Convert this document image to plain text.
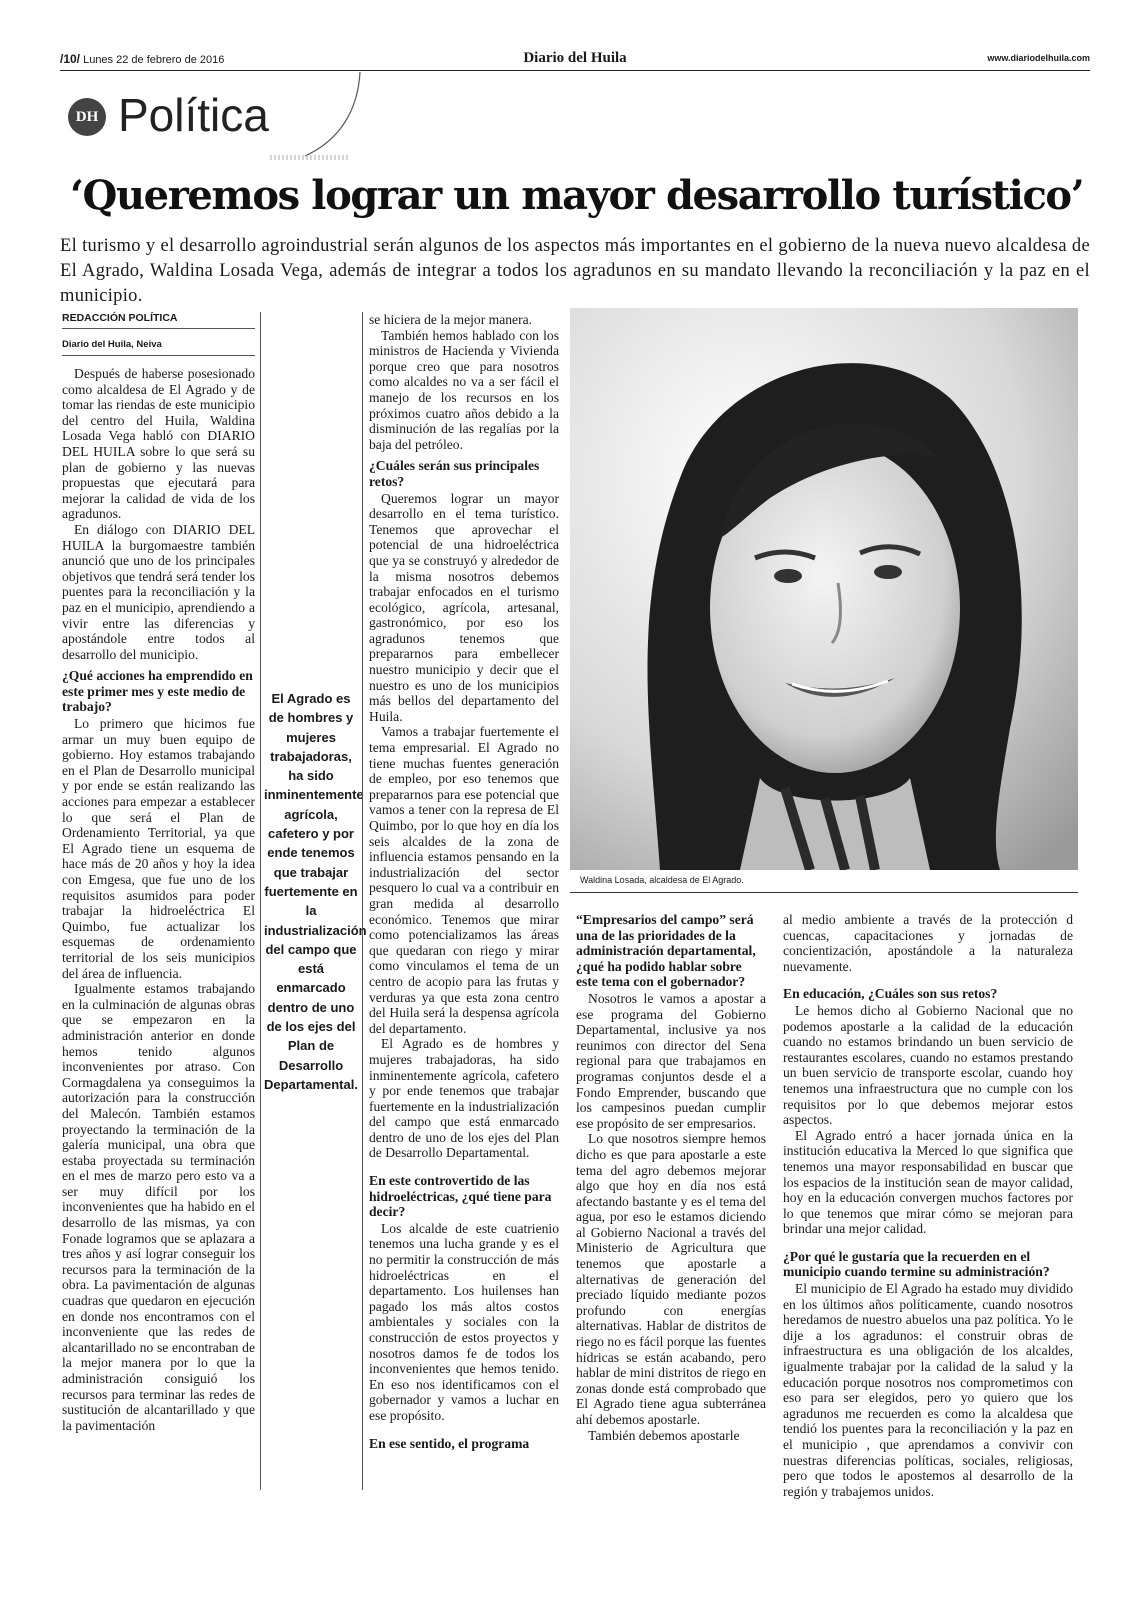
/10/ Lunes 22 de febrero de 2016	Diario del Huila	www.diariodelhuila.com
DH Política
‘Queremos lograr un mayor desarrollo turístico’
El turismo y el desarrollo agroindustrial serán algunos de los aspectos más importantes en el gobierno de la nueva nuevo alcaldesa de El Agrado, Waldina Losada Vega, además de integrar a todos los agradunos en su mandato llevando la reconciliación y la paz en el municipio.
REDACCIÓN POLÍTICA
Diario del Huila, Neiva

Después de haberse posesionado como alcaldesa de El Agrado y de tomar las riendas de este municipio del centro del Huila, Waldina Losada Vega habló con DIARIO DEL HUILA sobre lo que será su plan de gobierno y las nuevas propuestas que ejecutará para mejorar la calidad de vida de los agradunos.

En diálogo con DIARIO DEL HUILA la burgomaestre también anunció que uno de los principales objetivos que tendrá será tender los puentes para la reconciliación y la paz en el municipio, aprendiendo a vivir entre las diferencias y apostándole entre todos al desarrollo del municipio.

¿Qué acciones ha emprendido en este primer mes y este medio de trabajo?

Lo primero que hicimos fue armar un muy buen equipo de gobierno. Hoy estamos trabajando en el Plan de Desarrollo municipal y por ende se están realizando las acciones para empezar a establecer lo que será el Plan de Ordenamiento Territorial, ya que El Agrado tiene un esquema de hace más de 20 años y hoy la idea con Emgesa, que fue uno de los requisitos asumidos para poder trabajar la hidroeléctrica El Quimbo, fue actualizar los esquemas de ordenamiento territorial de los seis municipios del área de influencia.

Igualmente estamos trabajando en la culminación de algunas obras que se empezaron en la administración anterior en donde hemos tenido algunos inconvenientes por atraso. Con Cormagdalena ya conseguimos la autorización para la construcción del Malecón. También estamos proyectando la terminación de la galería municipal, una obra que estaba proyectada su terminación en el mes de marzo pero esto va a ser muy difícil por los inconvenientes que ha habido en el desarrollo de las mismas, ya con Fonade logramos que se aplazara a tres años y así lograr conseguir los recursos para la terminación de la obra. La pavimentación de algunas cuadras que quedaron en ejecución en donde nos encontramos con el inconveniente que las redes de alcantarillado no se encontraban de la mejor manera por lo que la administración consiguió los recursos para terminar las redes de sustitución de alcantarillado y que la pavimentación

El Agrado es de hombres y mujeres trabajadoras, ha sido inminentemente agrícola, cafetero y por ende tenemos que trabajar fuertemente en la industrialización del campo que está enmarcado dentro de uno de los ejes del Plan de Desarrollo Departamental.

se hiciera de la mejor manera.

También hemos hablado con los ministros de Hacienda y Vivienda porque creo que para nosotros como alcaldes no va a ser fácil el manejo de los recursos en los próximos cuatro años debido a la disminución de las regalías por la baja del petróleo.

¿Cuáles serán sus principales retos?

Queremos lograr un mayor desarrollo en el tema turístico. Tenemos que aprovechar el potencial de una hidroeléctrica que ya se construyó y alrededor de la misma nosotros debemos trabajar enfocados en el turismo ecológico, agrícola, artesanal, gastronómico, por eso los agradunos tenemos que prepararnos para embellecer nuestro municipio y decir que el nuestro es uno de los municipios más bellos del departamento del Huila.

Vamos a trabajar fuertemente el tema empresarial. El Agrado no tiene muchas fuentes generación de empleo, por eso tenemos que prepararnos para ese potencial que vamos a tener con la represa de El Quimbo, por lo que hoy en día los seis alcaldes de la zona de influencia estamos pensando en la industrialización del sector pesquero lo cual va a contribuir en gran medida al desarrollo económico. Tenemos que mirar como potencializamos las áreas que quedaran con riego y mirar como vinculamos el tema de un centro de acopio para las frutas y verduras ya que esta zona centro del Huila será la despensa agrícola del departamento.

El Agrado es de hombres y mujeres trabajadoras, ha sido inminentemente agrícola, cafetero y por ende tenemos que trabajar fuertemente en la industrialización del campo que está enmarcado dentro de uno de los ejes del Plan de Desarrollo Departamental.

En este controvertido de las hidroeléctricas, ¿qué tiene para decir?

Los alcalde de este cuatrienio tenemos una lucha grande y es el no permitir la construcción de más hidroeléctricas en el departamento. Los huilenses han pagado los más altos costos ambientales y sociales con la construcción de estos proyectos y nosotros damos fe de todos los inconvenientes que hemos tenido. En eso nos identificamos con el gobernador y vamos a luchar en ese propósito.

En ese sentido, el programa
Waldina Losada, alcaldesa de El Agrado.
“Empresarios del campo” será una de las prioridades de la administración departamental, ¿qué ha podido hablar sobre este tema con el gobernador?

Nosotros le vamos a apostar a ese programa del Gobierno Departamental, inclusive ya nos reunimos con director del Sena regional para que trabajamos en programas conjuntos desde el a Fondo Emprender, buscando que los campesinos puedan cumplir ese propósito de ser empresarios.

Lo que nosotros siempre hemos dicho es que para apostarle a este tema del agro debemos mejorar algo que hoy en día nos está afectando bastante y es el tema del agua, por eso le estamos diciendo al Gobierno Nacional a través del Ministerio de Agricultura que tenemos que apostarle a alternativas de generación del preciado líquido mediante pozos profundo con energías alternativas. Hablar de distritos de riego no es fácil porque las fuentes hídricas se están acabando, pero hablar de mini distritos de riego en zonas donde está comprobado que El Agrado tiene agua subterránea ahí debemos apostarle.

También debemos apostarle

al medio ambiente a través de la protección d cuencas, capacitaciones y jornadas de concientización, apostándole a la naturaleza nuevamente.

En educación, ¿Cuáles son sus retos?

Le hemos dicho al Gobierno Nacional que no podemos apostarle a la calidad de la educación cuando no estamos brindando un buen servicio de restaurantes escolares, cuando no estamos prestando un buen servicio de transporte escolar, cuando hoy tenemos una infraestructura que no cumple con los requisitos por lo que debemos mejorar estos aspectos.

El Agrado entró a hacer jornada única en la institución educativa la Merced lo que significa que tenemos una mayor responsabilidad en buscar que los espacios de la institución sean de mayor calidad, hoy en la educación convergen muchos factores por lo que tenemos que mirar cómo se mejoran para brindar una mejor calidad.

¿Por qué le gustaría que la recuerden en el municipio cuando termine su administración?

El municipio de El Agrado ha estado muy dividido en los últimos años políticamente, cuando nosotros heredamos de nuestro abuelos una paz política. Yo le dije a los agradunos: el construir obras de infraestructura es una obligación de los alcaldes, igualmente trabajar por la calidad de la salud y la educación porque nosotros nos comprometimos con eso para ser elegidos, pero yo quiero que los agradunos me recuerden es como la alcaldesa que tendió los puentes para la reconciliación y la paz en el municipio , que aprendamos a convivir con nuestras diferencias políticas, sociales, religiosas, pero que todos le apostemos al desarrollo de la región y trabajemos unidos.
